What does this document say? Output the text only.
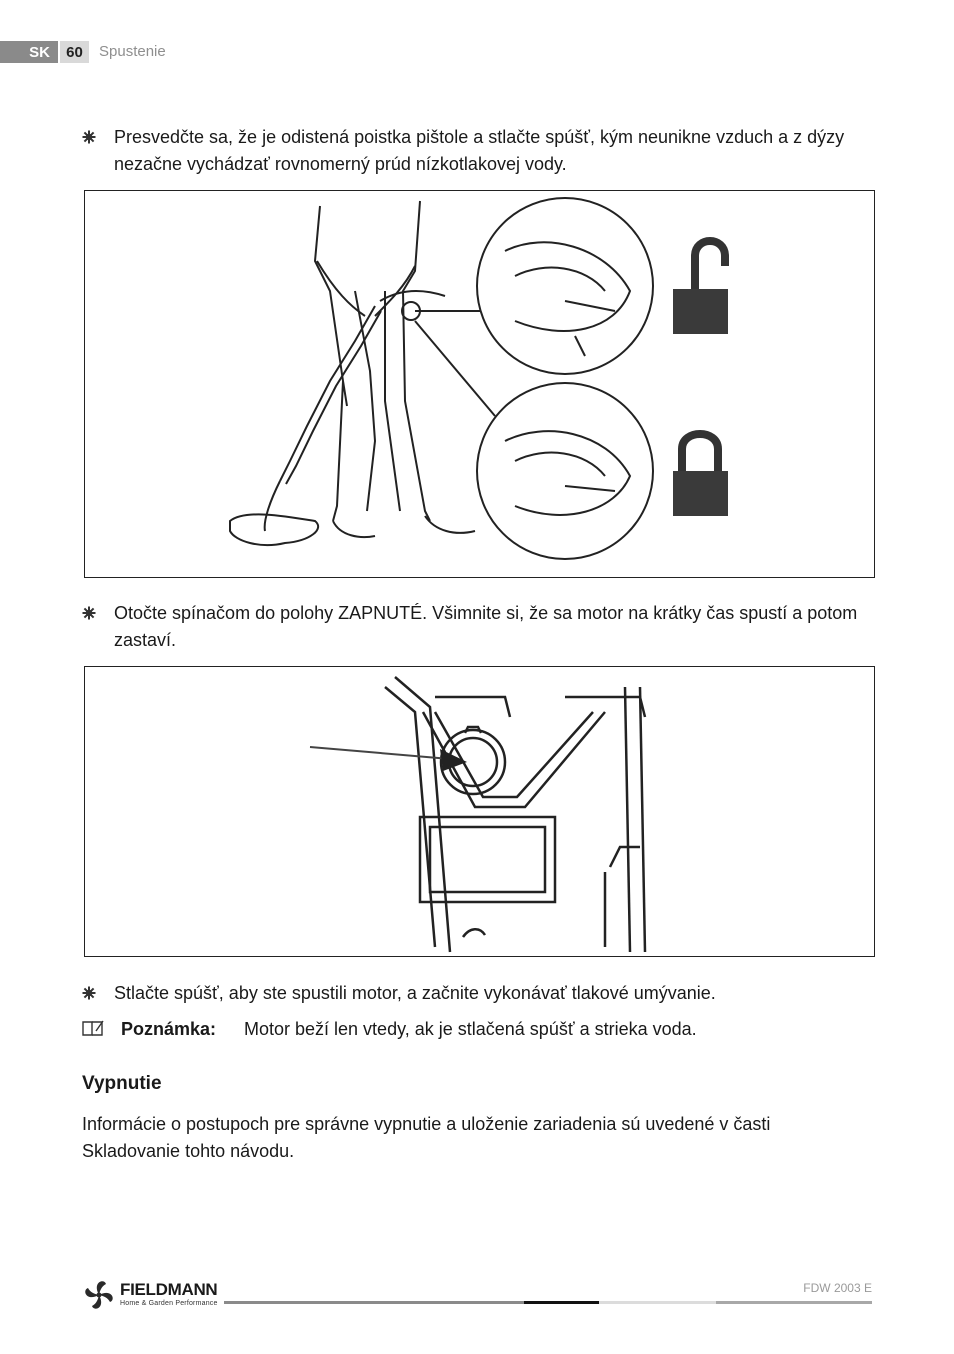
SK	60	Spustenie
Presvedčte sa, že je odistená poistka pištole a stlačte spúšť, kým neunikne vzduch a z dýzy nezačne vychádzať rovnomerný prúd nízkotlakovej vody.
Otočte spínačom do polohy ZAPNUTÉ. Všimnite si, že sa motor na krátky čas spustí a potom zastaví.
Stlačte spúšť, aby ste spustili motor, a začnite vykonávať tlakové umývanie.
Poznámka: Motor beží len vtedy, ak je stlačená spúšť a strieka voda.
Vypnutie
Informácie o postupoch pre správne vypnutie a uloženie zariadenia sú uvedené v časti Skladovanie tohto návodu.
FIELDMANN
Home & Garden Performance
FDW 2003 E
